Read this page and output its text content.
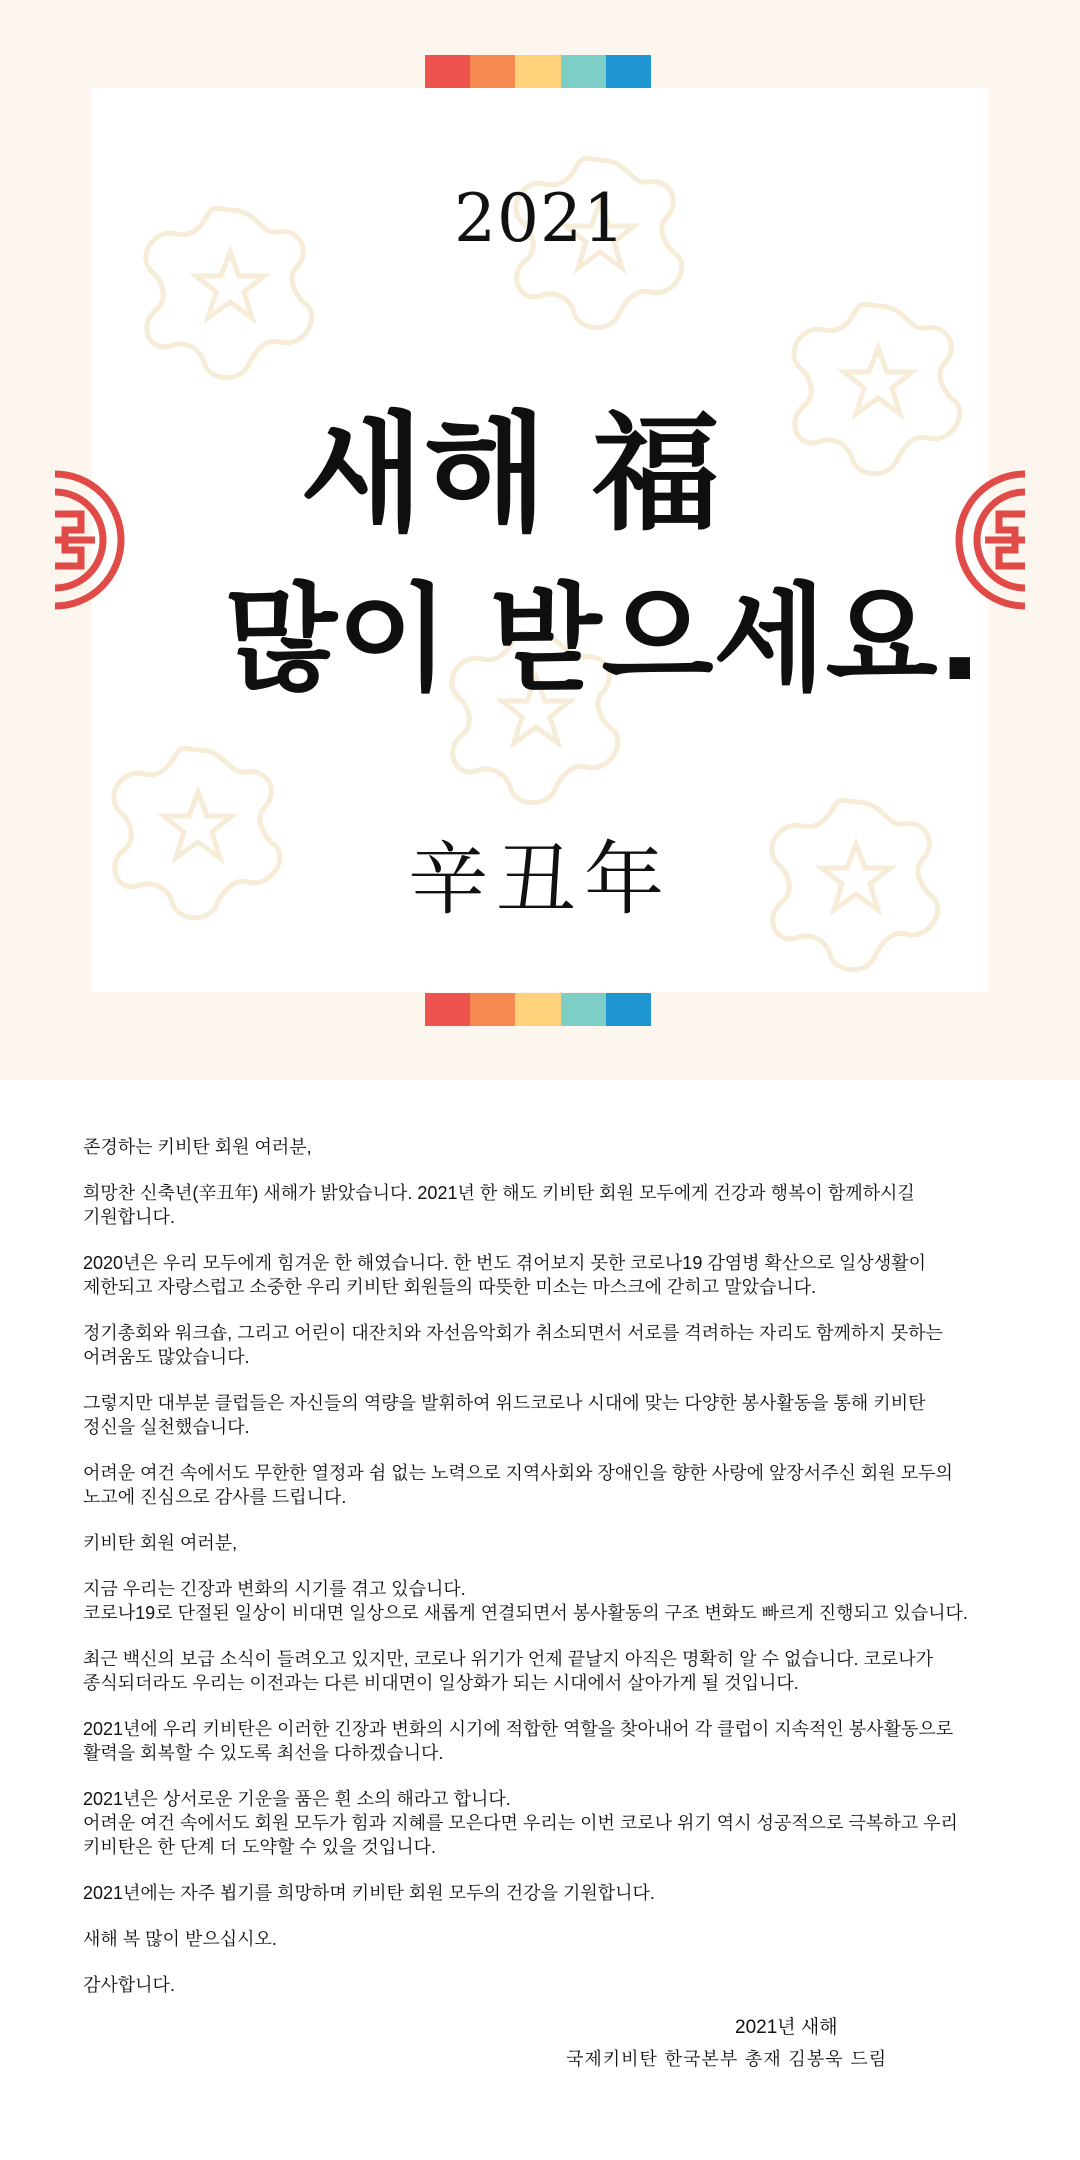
2021
새해 福
많이 받으세요.
辛丑年

존경하는 키비탄 회원 여러분,

희망찬 신축년(辛丑年) 새해가 밝았습니다. 2021년 한 해도 키비탄 회원 모두에게 건강과 행복이 함께하시길
기원합니다.

2020년은 우리 모두에게 힘겨운 한 해였습니다. 한 번도 겪어보지 못한 코로나19 감염병 확산으로 일상생활이
제한되고 자랑스럽고 소중한 우리 키비탄 회원들의 따뜻한 미소는 마스크에 갇히고 말았습니다.

정기총회와 워크숍, 그리고 어린이 대잔치와 자선음악회가 취소되면서 서로를 격려하는 자리도 함께하지 못하는
어려움도 많았습니다.

그렇지만 대부분 클럽들은 자신들의 역량을 발휘하여 위드코로나 시대에 맞는 다양한 봉사활동을 통해 키비탄
정신을 실천했습니다.

어려운 여건 속에서도 무한한 열정과 쉼 없는 노력으로 지역사회와 장애인을 향한 사랑에 앞장서주신 회원 모두의
노고에 진심으로 감사를 드립니다.

키비탄 회원 여러분,

지금 우리는 긴장과 변화의 시기를 겪고 있습니다.
코로나19로 단절된 일상이 비대면 일상으로 새롭게 연결되면서 봉사활동의 구조 변화도 빠르게 진행되고 있습니다.

최근 백신의 보급 소식이 들려오고 있지만, 코로나 위기가 언제 끝날지 아직은 명확히 알 수 없습니다. 코로나가
종식되더라도 우리는 이전과는 다른 비대면이 일상화가 되는 시대에서 살아가게 될 것입니다.

2021년에 우리 키비탄은 이러한 긴장과 변화의 시기에 적합한 역할을 찾아내어 각 클럽이 지속적인 봉사활동으로
활력을 회복할 수 있도록 최선을 다하겠습니다.

2021년은 상서로운 기운을 품은 흰 소의 해라고 합니다.
어려운 여건 속에서도 회원 모두가 힘과 지혜를 모은다면 우리는 이번 코로나 위기 역시 성공적으로 극복하고 우리
키비탄은 한 단계 더 도약할 수 있을 것입니다.

2021년에는 자주 뵙기를 희망하며 키비탄 회원 모두의 건강을 기원합니다.

새해 복 많이 받으십시오.

감사합니다.

2021년 새해
국제키비탄 한국본부 총재 김봉욱 드림
